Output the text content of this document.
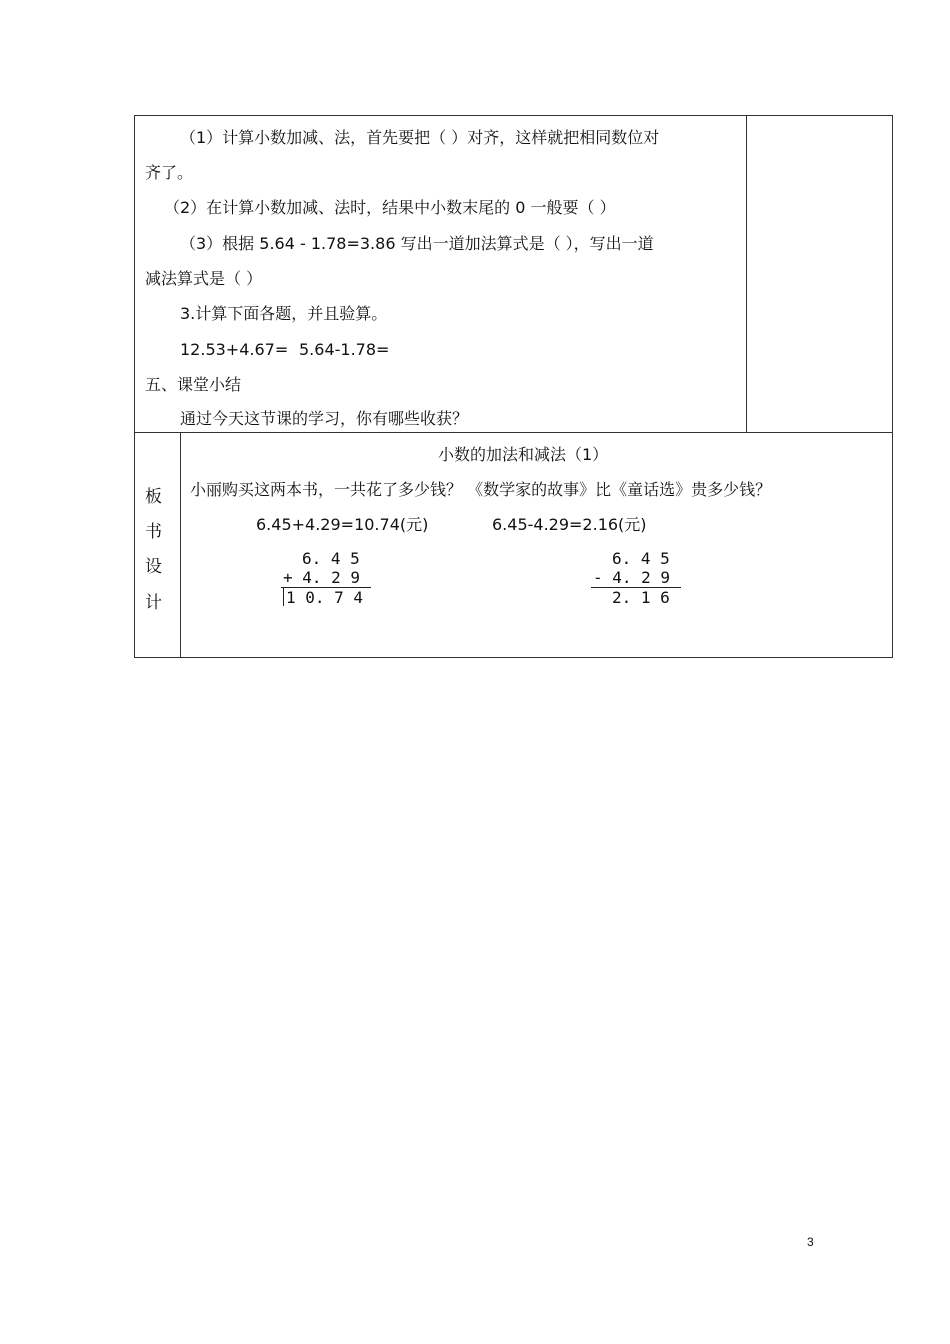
（1）计算小数加减、法，首先要把（ ）对齐，这样就把相同数位对
齐了。
（2）在计算小数加减、法时，结果中小数末尾的 0 一般要（ ）
（3）根据 5.64 - 1.78=3.86 写出一道加法算式是（ ），写出一道
减法算式是（ ）
3.计算下面各题，并且验算。
12.53+4.67= 5.64-1.78=
五、课堂小结
通过今天这节课的学习，你有哪些收获？
板
书
设
计
小数的加法和减法（1）
小丽购买这两本书，一共花了多少钱？ 《数学家的故事》比《童话选》贵多少钱？
6.45+4.29=10.74(元)	6.45-4.29=2.16(元)
6. 4 5
+ 4. 2 9
1 0. 7 4
6. 4 5
- 4. 2 9
2. 1 6
3
